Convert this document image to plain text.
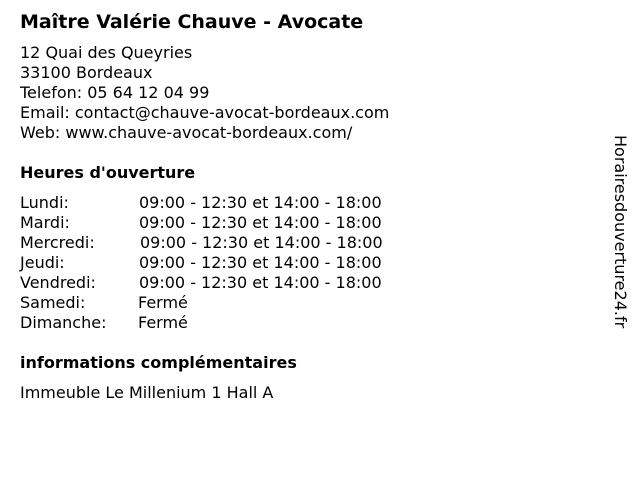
Maître Valérie Chauve - Avocate
12 Quai des Queyries
33100 Bordeaux
Telefon: 05 64 12 04 99
Email: contact@chauve-avocat-bordeaux.com
Web: www.chauve-avocat-bordeaux.com/
Heures d'ouverture
Lundi:	09:00 - 12:30 et 14:00 - 18:00
Mardi:	09:00 - 12:30 et 14:00 - 18:00
Mercredi:	09:00 - 12:30 et 14:00 - 18:00
Jeudi:	09:00 - 12:30 et 14:00 - 18:00
Vendredi:	09:00 - 12:30 et 14:00 - 18:00
Samedi:	Fermé
Dimanche: Fermé
informations complémentaires
Immeuble Le Millenium 1 Hall A
Horairesdouverture24.fr
